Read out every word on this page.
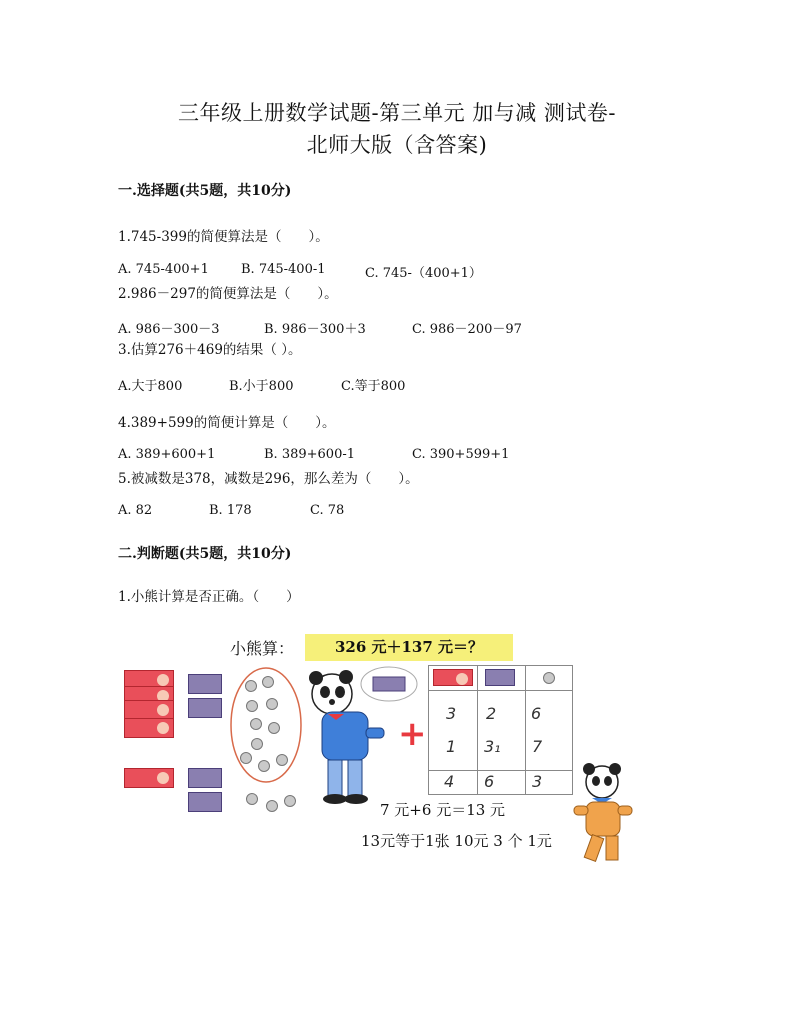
三年级上册数学试题-第三单元 加与减 测试卷-
北师大版（含答案)
一.选择题(共5题，共10分)
1.745-399的简便算法是（　　）。
A. 745-400+1 B. 745-400-1	C. 745-（400+1）
2.986－297的简便算法是（　　）。
A. 986－300－3	B. 986－300＋3	C. 986－200－97
3.估算276＋469的结果（ ）。
A.大于800	B.小于800	C.等于800
4.389+599的简便计算是（　　）。
A. 389+600+1	B. 389+600-1	C. 390+599+1
5.被减数是378，减数是296，那么差为（　　）。
A. 82	B. 178	C. 78
二.判断题(共5题，共10分)
1.小熊计算是否正确。（　　）
小熊算：	326 元＋137 元＝？
+
3 2 6
1 3₁ 7
4 6 3
7 元+6 元＝13 元
13元等于1张 10元 3 个 1元
